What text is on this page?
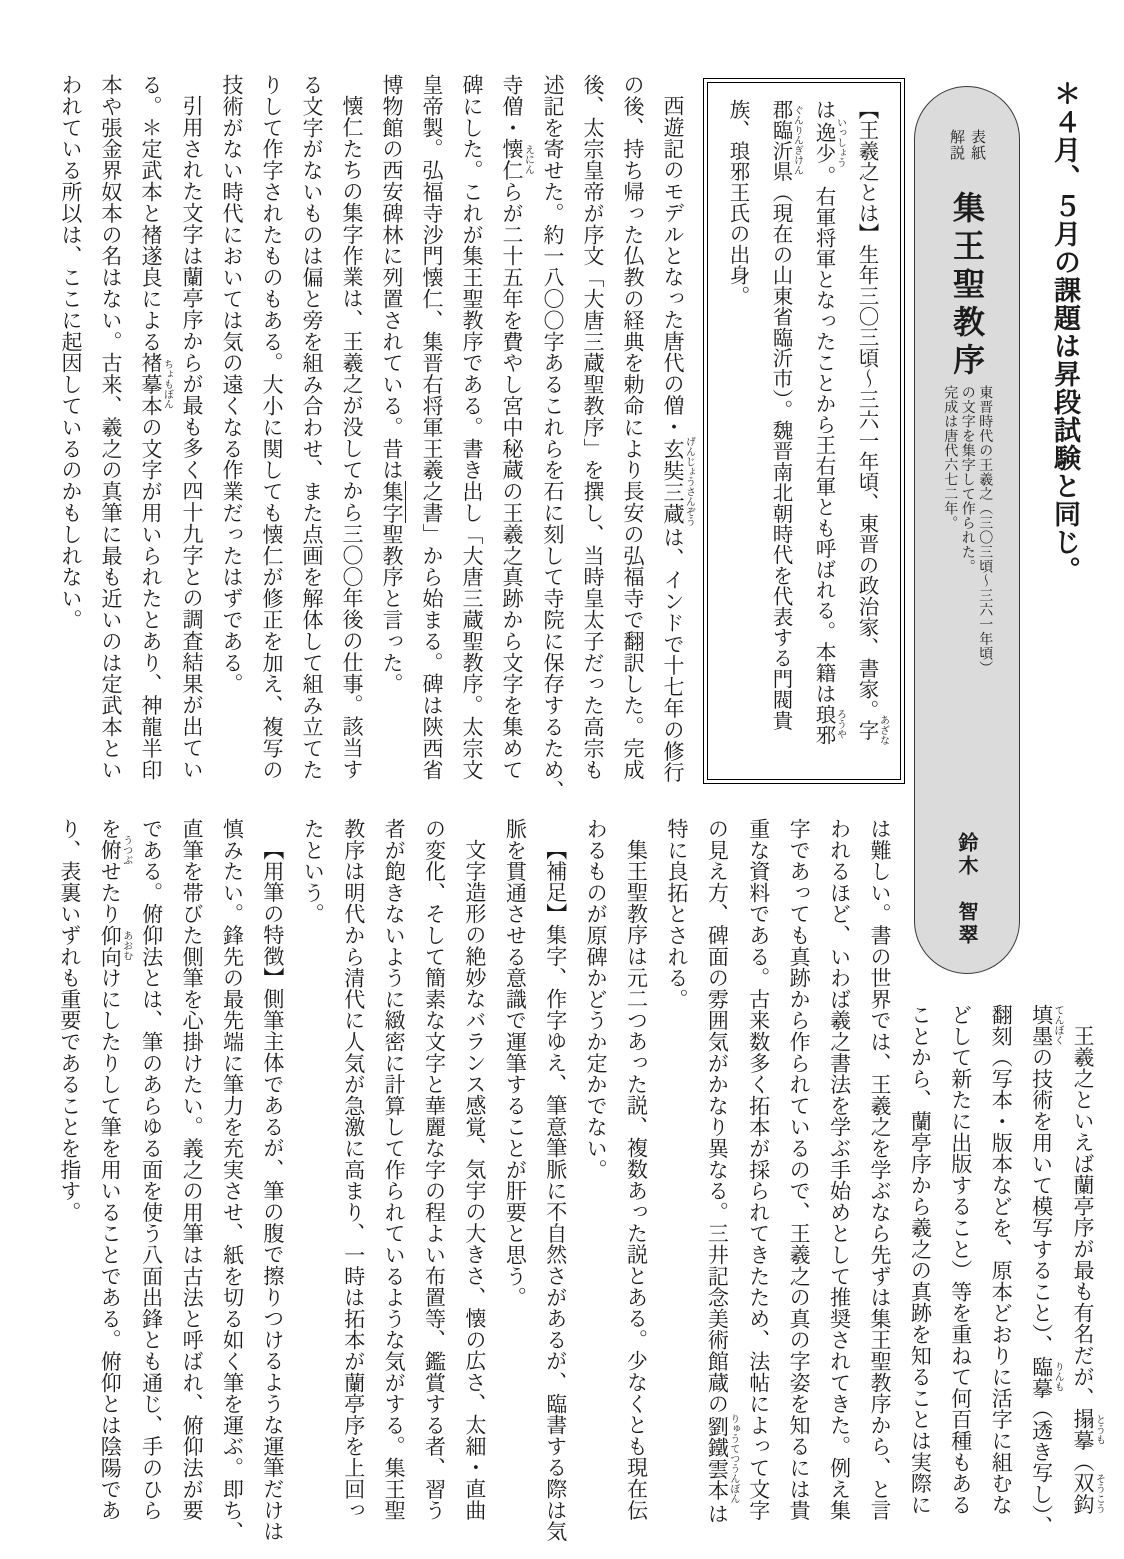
＊４月、５月の課題は昇段試験と同じ。

表紙

解説

集王聖教序

東晋時代の王羲之（三〇三頃～三六一年頃）

の文字を集字して作られた。

完成は唐代六七二年。

鈴木　智翠

【王羲之とは】生年三〇三頃～三六一年頃、東晋の政治家、書家。字あざな

は逸少いっしょう。右軍将軍となったことから王右軍とも呼ばれる。本籍は琅邪ろうや

郡臨沂県ぐんりんぎけん（現在の山東省臨沂市）。魏晋南北朝時代を代表する門閥貴

族、琅邪王氏の出身。

西遊記のモデルとなった唐代の僧・玄奘三蔵げんじょうさんぞうは、インドで十七年の修行

の後、持ち帰った仏教の経典を勅命により長安の弘福寺で翻訳した。完成

後、太宗皇帝が序文「大唐三蔵聖教序」を撰し、当時皇太子だった高宗も

述記を寄せた。約一八〇〇字あるこれらを石に刻して寺院に保存するため、

寺僧・懐仁えにんらが二十五年を費やし宮中秘蔵の王羲之真跡から文字を集めて

碑にした。これが集王聖教序である。書き出し「大唐三蔵聖教序。太宗文

皇帝製。弘福寺沙門懐仁、集晋右将軍王羲之書」から始まる。碑は陝西省

博物館の西安碑林に列置されている。昔は集字聖教序と言った。

懐仁たちの集字作業は、王羲之が没してから三〇〇年後の仕事。該当す

る文字がないものは偏と旁を組み合わせ、また点画を解体して組み立てた

りして作字されたものもある。大小に関しても懐仁が修正を加え、複写の

技術がない時代においては気の遠くなる作業だったはずである。

引用された文字は蘭亭序からが最も多く四十九字との調査結果が出てい

る。＊定武本と褚遂良による褚摹本ちょもぼんの文字が用いられたとあり、神龍半印

本や張金界奴本の名はない。古来、羲之の真筆に最も近いのは定武本とい

われている所以は、ここに起因しているのかもしれない。

王羲之といえば蘭亭序が最も有名だが、搨摹とうも（双鈎そうこう

填墨てんぼくの技術を用いて模写すること）、臨摹りんも（透き写し）、

翻刻（写本・版本などを、原本どおりに活字に組むな

どして新たに出版すること）等を重ねて何百種もある

ことから、蘭亭序から羲之の真跡を知ることは実際に

は難しい。書の世界では、王羲之を学ぶなら先ずは集王聖教序から、と言

われるほど、いわば羲之書法を学ぶ手始めとして推奨されてきた。例え集

字であっても真跡から作られているので、王羲之の真の字姿を知るには貴

重な資料である。古来数多く拓本が採られてきたため、法帖によって文字

の見え方、碑面の雰囲気がかなり異なる。三井記念美術館蔵の劉鐵雲本りゅうてつうんぼんは

特に良拓とされる。

集王聖教序は元二つあった説、複数あった説とある。少なくとも現在伝

わるものが原碑かどうか定かでない。

【補足】集字、作字ゆえ、筆意筆脈に不自然さがあるが、臨書する際は気

脈を貫通させる意識で運筆することが肝要と思う。

文字造形の絶妙なバランス感覚、気宇の大きさ、懐の広さ、太細・直曲

の変化、そして簡素な文字と華麗な字の程よい布置等、鑑賞する者、習う

者が飽きないように緻密に計算して作られているような気がする。集王聖

教序は明代から清代に人気が急激に高まり、一時は拓本が蘭亭序を上回っ

たという。

【用筆の特徴】側筆主体であるが、筆の腹で擦りつけるような運筆だけは

慎みたい。鋒先の最先端に筆力を充実させ、紙を切る如く筆を運ぶ。即ち、

直筆を帯びた側筆を心掛けたい。義之の用筆は古法と呼ばれ、俯仰法が要

である。俯仰法とは、筆のあらゆる面を使う八面出鋒とも通じ、手のひら

を俯うつぶせたり仰向あおむけにしたりして筆を用いることである。俯仰とは陰陽であ

り、表裏いずれも重要であることを指す。
